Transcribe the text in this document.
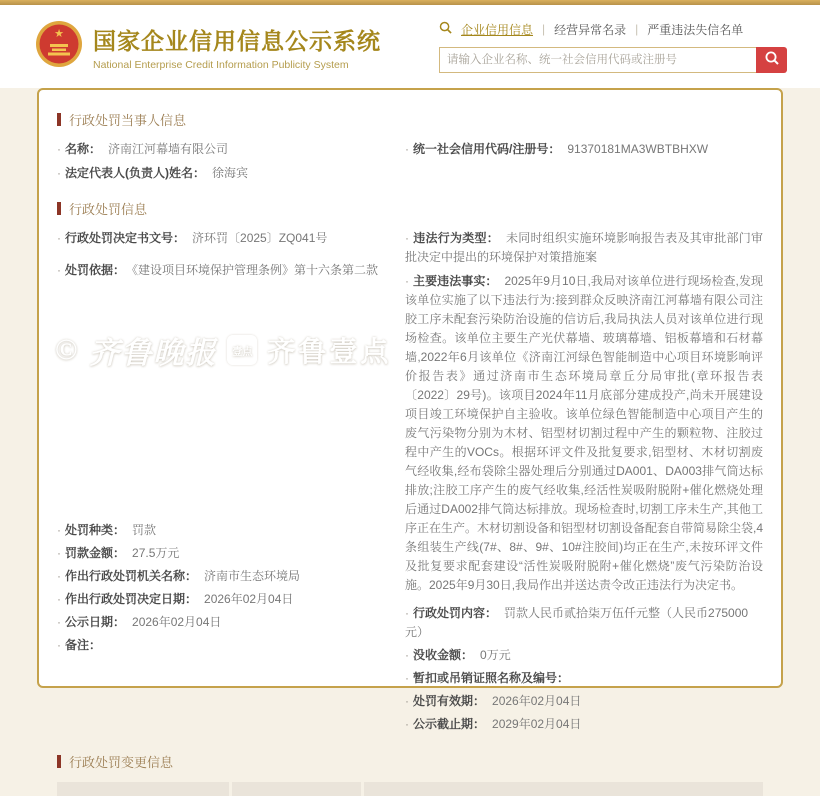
★ 国家企业信用信息公示系统
National Enterprise Credit Information Publicity System
企业信用信息 | 经营异常名录 | 严重违法失信名单
请输入企业名称、统一社会信用代码或注册号
行政处罚当事人信息
· 名称： 济南江河幕墙有限公司	· 统一社会信用代码/注册号： 91370181MA3WBTBHXW
· 法定代表人(负责人)姓名： 徐海宾
行政处罚信息
· 行政处罚决定书文号： 济环罚〔2025〕ZQ041号
· 处罚依据： 《建设项目环境保护管理条例》第十六条第二款
· 处罚种类： 罚款
· 罚款金额： 27.5万元
· 作出行政处罚机关名称： 济南市生态环境局
· 作出行政处罚决定日期： 2026年02月04日
· 公示日期： 2026年02月04日
· 备注：
· 违法行为类型： 未同时组织实施环境影响报告表及其审批部门审批决定中提出的环境保护对策措施案
· 主要违法事实： 2025年9月10日,我局对该单位进行现场检查,发现该单位实施了以下违法行为:接到群众反映济南江河幕墙有限公司注胶工序未配套污染防治设施的信访后,我局执法人员对该单位进行现场检查。该单位主要生产光伏幕墙、玻璃幕墙、铝板幕墙和石材幕墙,2022年6月该单位《济南江河绿色智能制造中心项目环境影响评价报告表》通过济南市生态环境局章丘分局审批(章环报告表〔2022〕29号)。该项目2024年11月底部分建成投产,尚未开展建设项目竣工环境保护自主验收。该单位绿色智能制造中心项目产生的废气污染物分别为木材、铝型材切割过程中产生的颗粒物、注胶过程中产生的VOCs。根据环评文件及批复要求,铝型材、木材切割废气经收集,经布袋除尘器处理后分别通过DA001、DA003排气筒达标排放;注胶工序产生的废气经收集,经活性炭吸附脱附+催化燃烧处理后通过DA002排气筒达标排放。现场检查时,切割工序未生产,其他工序正在生产。木材切割设备和铝型材切割设备配套自带简易除尘袋,4条组装生产线(7#、8#、9#、10#注胶间)均正在生产,未按环评文件及批复要求配套建设“活性炭吸附脱附+催化燃烧”废气污染防治设施。2025年9月30日,我局作出并送达责令改正违法行为决定书。
· 行政处罚内容： 罚款人民币贰拾柒万伍仟元整（人民币275000元）
· 没收金额： 0万元
· 暂扣或吊销证照名称及编号：
· 处罚有效期： 2026年02月04日
· 公示截止期： 2029年02月04日
行政处罚变更信息
© 齐鲁晚报	壹点 齐鲁壹点
